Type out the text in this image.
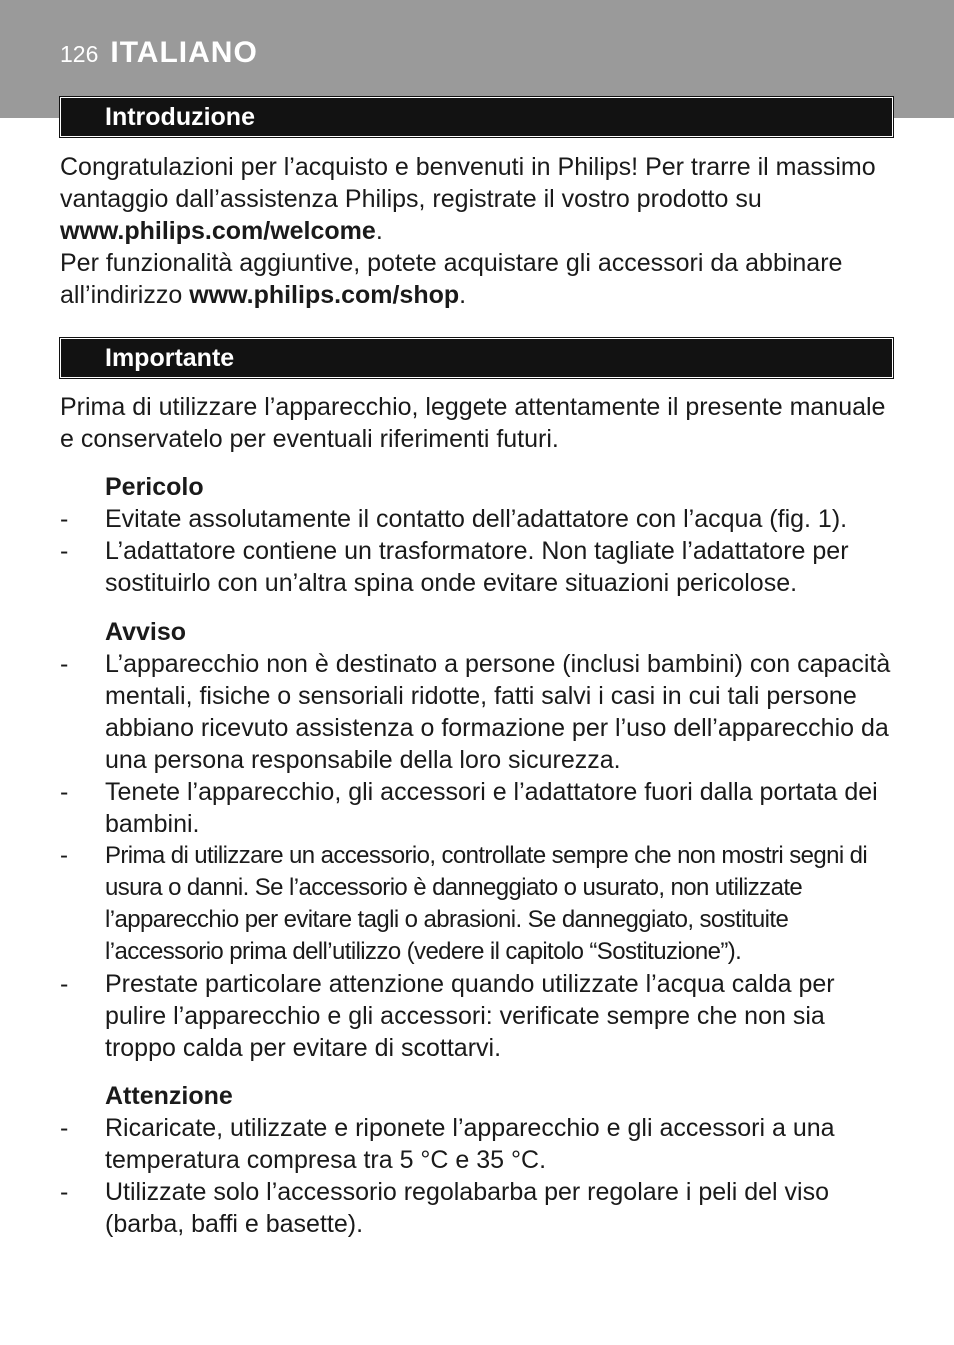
126 ITALIANO
Introduzione

Congratulazioni per l’acquisto e benvenuti in Philips! Per trarre il massimo vantaggio dall’assistenza Philips, registrate il vostro prodotto su www.philips.com/welcome.
Per funzionalità aggiuntive, potete acquistare gli accessori da abbinare all’indirizzo www.philips.com/shop.

Importante

Prima di utilizzare l’apparecchio, leggete attentamente il presente manuale e conservatelo per eventuali riferimenti futuri.

Pericolo

- Evitate assolutamente il contatto dell’adattatore con l’acqua (fig. 1).
- L’adattatore contiene un trasformatore. Non tagliate l’adattatore per sostituirlo con un’altra spina onde evitare situazioni pericolose.

Avviso

- L’apparecchio non è destinato a persone (inclusi bambini) con capacità mentali, fisiche o sensoriali ridotte, fatti salvi i casi in cui tali persone abbiano ricevuto assistenza o formazione per l’uso dell’apparecchio da una persona responsabile della loro sicurezza.
- Tenete l’apparecchio, gli accessori e l’adattatore fuori dalla portata dei bambini.
- Prima di utilizzare un accessorio, controllate sempre che non mostri segni di usura o danni. Se l’accessorio è danneggiato o usurato, non utilizzate l’apparecchio per evitare tagli o abrasioni. Se danneggiato, sostituite l’accessorio prima dell’utilizzo (vedere il capitolo “Sostituzione”).
- Prestate particolare attenzione quando utilizzate l’acqua calda per pulire l’apparecchio e gli accessori: verificate sempre che non sia troppo calda per evitare di scottarvi.

Attenzione

- Ricaricate, utilizzate e riponete l’apparecchio e gli accessori a una temperatura compresa tra 5 °C e 35 °C.
- Utilizzate solo l’accessorio regolabarba per regolare i peli del viso (barba, baffi e basette).
